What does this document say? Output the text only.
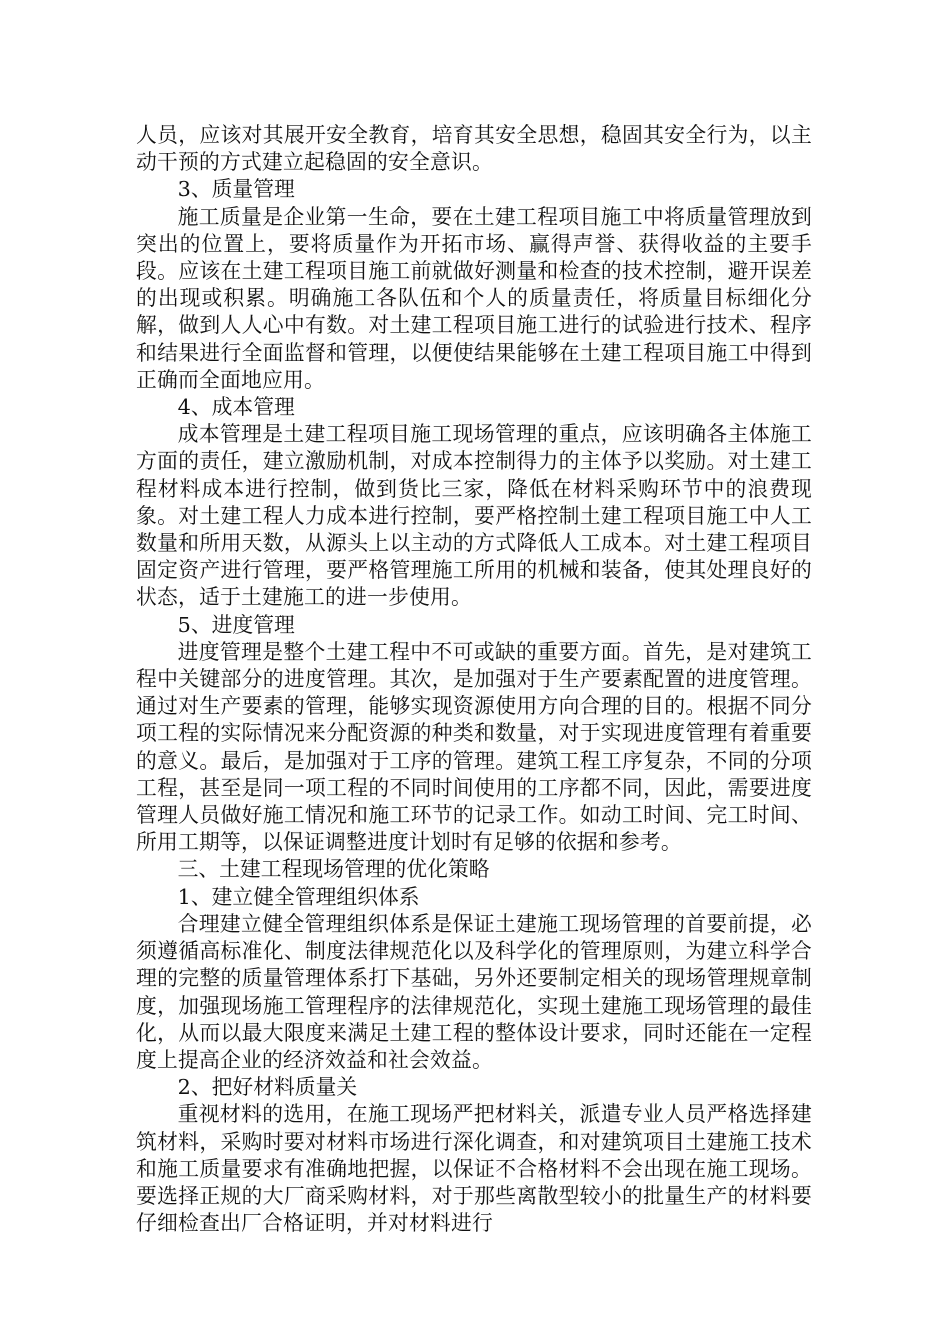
人员，应该对其展开安全教育，培育其安全思想，稳固其安全行为，以主动干预的方式建立起稳固的安全意识。

3、质量管理

施工质量是企业第一生命，要在土建工程项目施工中将质量管理放到突出的位置上，要将质量作为开拓市场、赢得声誉、获得收益的主要手段。应该在土建工程项目施工前就做好测量和检查的技术控制，避开误差的出现或积累。明确施工各队伍和个人的质量责任，将质量目标细化分解，做到人人心中有数。对土建工程项目施工进行的试验进行技术、程序和结果进行全面监督和管理，以便使结果能够在土建工程项目施工中得到正确而全面地应用。

4、成本管理

成本管理是土建工程项目施工现场管理的重点，应该明确各主体施工方面的责任，建立激励机制，对成本控制得力的主体予以奖励。对土建工程材料成本进行控制，做到货比三家，降低在材料采购环节中的浪费现象。对土建工程人力成本进行控制，要严格控制土建工程项目施工中人工数量和所用天数，从源头上以主动的方式降低人工成本。对土建工程项目固定资产进行管理，要严格管理施工所用的机械和装备，使其处理良好的状态，适于土建施工的进一步使用。

5、进度管理

进度管理是整个土建工程中不可或缺的重要方面。首先，是对建筑工程中关键部分的进度管理。其次，是加强对于生产要素配置的进度管理。通过对生产要素的管理，能够实现资源使用方向合理的目的。根据不同分项工程的实际情况来分配资源的种类和数量，对于实现进度管理有着重要的意义。最后，是加强对于工序的管理。建筑工程工序复杂，不同的分项工程，甚至是同一项工程的不同时间使用的工序都不同，因此，需要进度管理人员做好施工情况和施工环节的记录工作。如动工时间、完工时间、所用工期等，以保证调整进度计划时有足够的依据和参考。

三、土建工程现场管理的优化策略

1、建立健全管理组织体系

合理建立健全管理组织体系是保证土建施工现场管理的首要前提，必须遵循高标准化、制度法律规范化以及科学化的管理原则，为建立科学合理的完整的质量管理体系打下基础，另外还要制定相关的现场管理规章制度，加强现场施工管理程序的法律规范化，实现土建施工现场管理的最佳化，从而以最大限度来满足土建工程的整体设计要求，同时还能在一定程度上提高企业的经济效益和社会效益。

2、把好材料质量关

重视材料的选用，在施工现场严把材料关，派遣专业人员严格选择建筑材料，采购时要对材料市场进行深化调查，和对建筑项目土建施工技术和施工质量要求有准确地把握，以保证不合格材料不会出现在施工现场。要选择正规的大厂商采购材料，对于那些离散型较小的批量生产的材料要仔细检查出厂合格证明，并对材料进行
